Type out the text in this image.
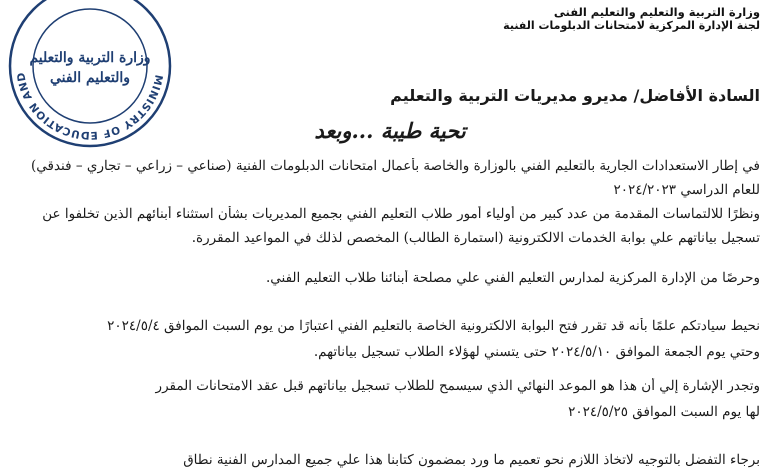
MINISTRY OF EDUCATION AND
وزارة التربية والتعليم
والتعليم الفني
وزارة التربية والتعليم والتعليم الفنى
لجنة الإدارة المركزية لامتحانات الدبلومات الفنية
السادة الأفاضل/ مديرو مديريات التربية والتعليم
تحية طيبة ...وبعد
في إطار الاستعدادات الجارية بالتعليم الفني بالوزارة والخاصة بأعمال امتحانات الدبلومات الفنية (صناعي – زراعي – تجاري – فندقي)
للعام الدراسي ٢٠٢٤/٢٠٢٣
ونظرًا للالتماسات المقدمة من عدد كبير من أولياء أمور طلاب التعليم الفني بجميع المديريات بشأن استثناء أبنائهم الذين تخلفوا عن
تسجيل بياناتهم علي بوابة الخدمات الالكترونية (استمارة الطالب) المخصص لذلك في المواعيد المقررة.
وحرصًا من الإدارة المركزية لمدارس التعليم الفني علي مصلحة أبنائنا طلاب التعليم الفني.
نحيط سيادتكم علمًا بأنه قد تقرر فتح البوابة الالكترونية الخاصة بالتعليم الفني اعتبارًا من يوم السبت الموافق ٢٠٢٤/٥/٤
وحتي يوم الجمعة الموافق ٢٠٢٤/٥/١٠ حتى يتسني لهؤلاء الطلاب تسجيل بياناتهم.
وتجدر الإشارة إلي أن هذا هو الموعد النهائي الذي سيسمح للطلاب تسجيل بياناتهم قبل عقد الامتحانات المقرر
لها يوم السبت الموافق ٢٠٢٤/٥/٢٥
برجاء التفضل بالتوجيه لاتخاذ اللازم نحو تعميم ما ورد بمضمون كتابنا هذا علي جميع المدارس الفنية نطاق
